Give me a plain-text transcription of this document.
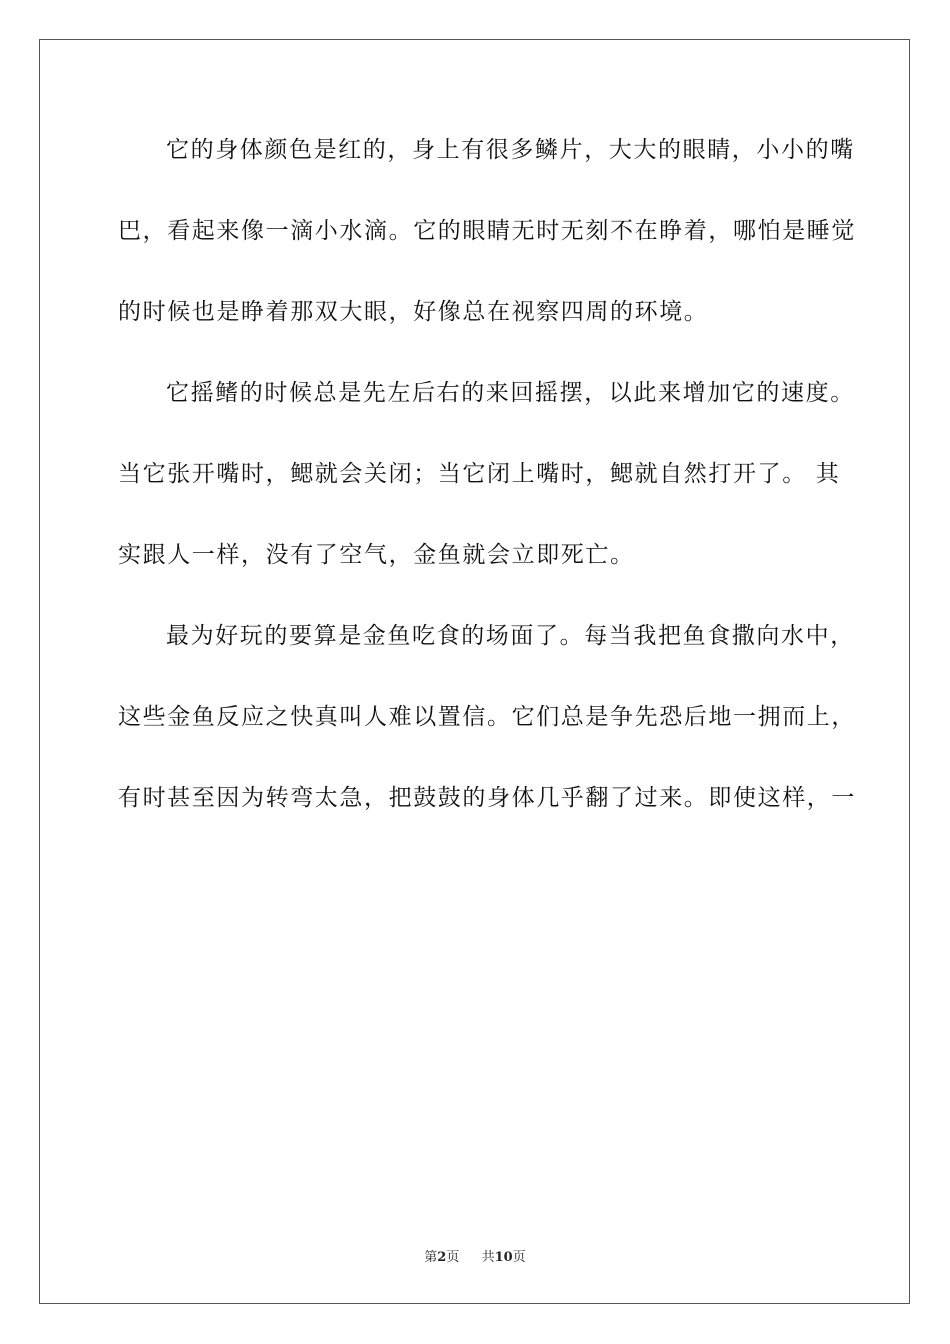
它的身体颜色是红的，身上有很多鳞片，大大的眼睛，小小的嘴
巴，看起来像一滴小水滴。它的眼睛无时无刻不在睁着，哪怕是睡觉
的时候也是睁着那双大眼，好像总在视察四周的环境。
它摇鳍的时候总是先左后右的来回摇摆，以此来增加它的速度。
当它张开嘴时，鳃就会关闭；当它闭上嘴时，鳃就自然打开了。 其
实跟人一样，没有了空气，金鱼就会立即死亡。
最为好玩的要算是金鱼吃食的场面了。每当我把鱼食撒向水中，
这些金鱼反应之快真叫人难以置信。它们总是争先恐后地一拥而上，
有时甚至因为转弯太急，把鼓鼓的身体几乎翻了过来。即使这样，一
第2页 共10页
